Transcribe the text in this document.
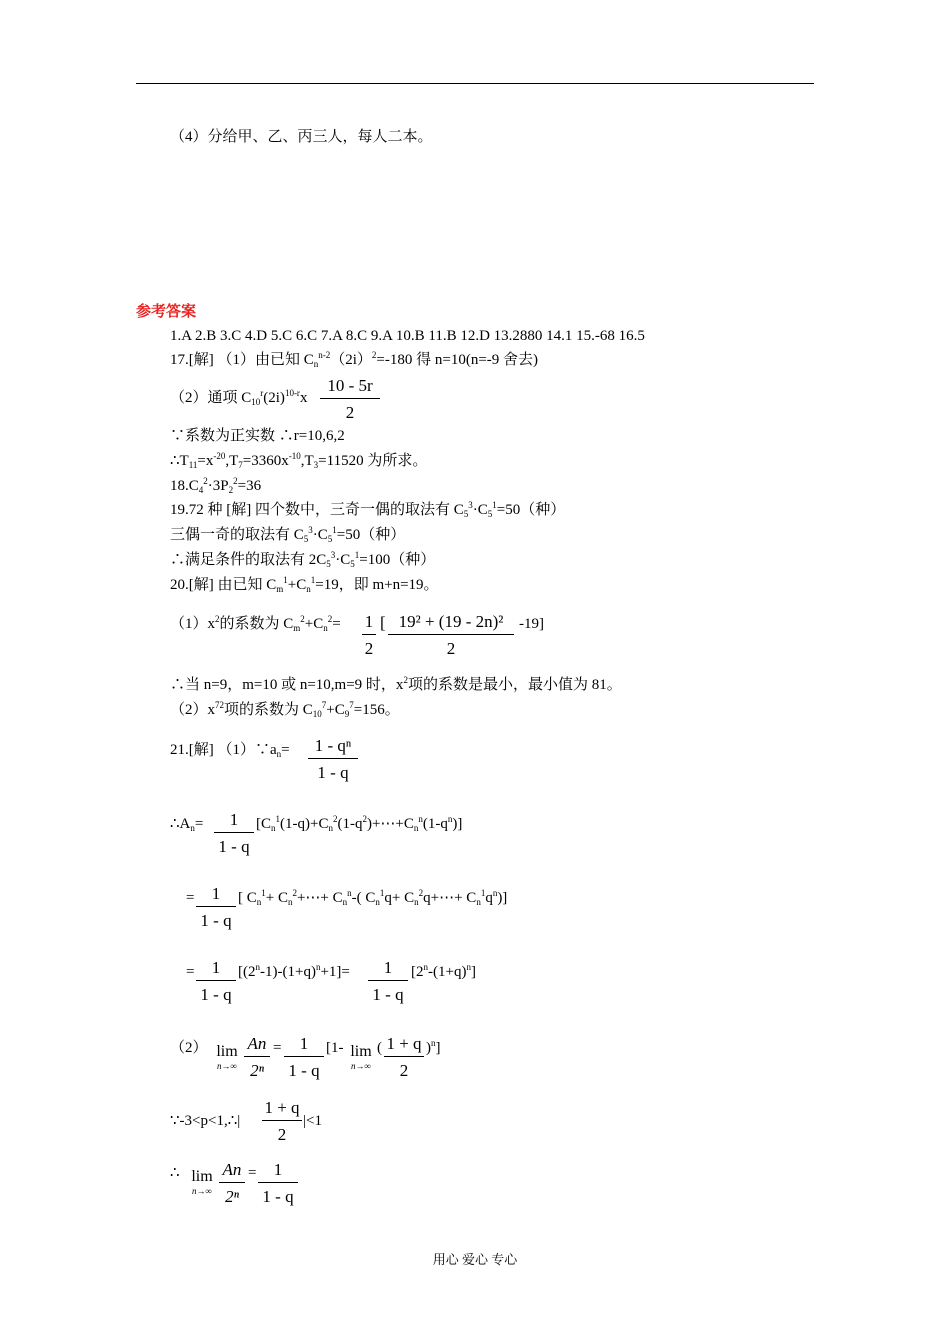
（4）分给甲、乙、丙三人，每人二本。
参考答案
1.A 2.B 3.C 4.D 5.C 6.C 7.A 8.C 9.A 10.B 11.B 12.D 13.2880 14.1 15.-68 16.5
17.[解] （1）由已知 $C_n^{n-2}(2i)^2=-180$ 得 n=10(n=-9 舍去)
（2）通项 $C_{10}^r(2i)^{10-r}x \frac{10 - 5r}{2}$
∵系数为正实数 ∴r=10,6,2
$\therefore T_{11}=x^{-20},T_7=3360x^{-10},T_3=11520$ 为所求。
$18.C_4^2\cdot 3P_2^2=36$
19.72 种 [解] 四个数中，三奇一偶的取法有 $C_5^3\cdot C_5^1=50$（种）
三偶一奇的取法有 $C_5^3\cdot C_5^1=50$（种）
∴满足条件的取法有 $2C_5^3\cdot C_5^1=100$（种）
20.[解] 由已知 $C_m^1+C_n^1=19$，即 m+n=19。
$(1)x^2$的系数为 $C_m^2+C_n^2= \frac{1}{2}$ [ $\frac{\text{19² + (19 - 2n)²}}{2} -19$]
∴当 n=9，m=10 或 n=10,m=9 时，$x^2$项的系数是最小，最小值为 81。
$(2)x^{72}$项的系数为 $C_{10}^7+C_9^7=156$。
21.[解] $(1)\because a_n= \frac{\text{1 - qⁿ}}{1 - q}$
$\therefore A_n= \frac{1}{1 - q}$ $[C_n^1(1-q)+C_n^2(1-q^2)+\cdots+C_n^n(1-q^n)]$
= $\frac{1}{1 - q}$ [ $C_n^1+$ $C_n^2+\cdots+ C_n^n-$( $C_n^1q+$ $C_n^2q+\cdots+ C_n^1q^n$)]
= $\frac{1}{1 - q} [(2^n-1)-(1+q)^n+1]= \frac{1}{1 - q} [2^n-(1+q)^n]$
（2） lim
$n\to\infty \frac{An}{\text{2ⁿ}} = \frac{1}{1 - q} [1-$ lim
n→∞
( $\frac{1 + q}{2} )^n$]
∵-3<p<1,∴| $\frac{1 + q}{2} |<1$
∴ lim
$n\to\infty \frac{An}{\text{2ⁿ}} = \frac{1}{1 - q}$
用心 爱心 专心
